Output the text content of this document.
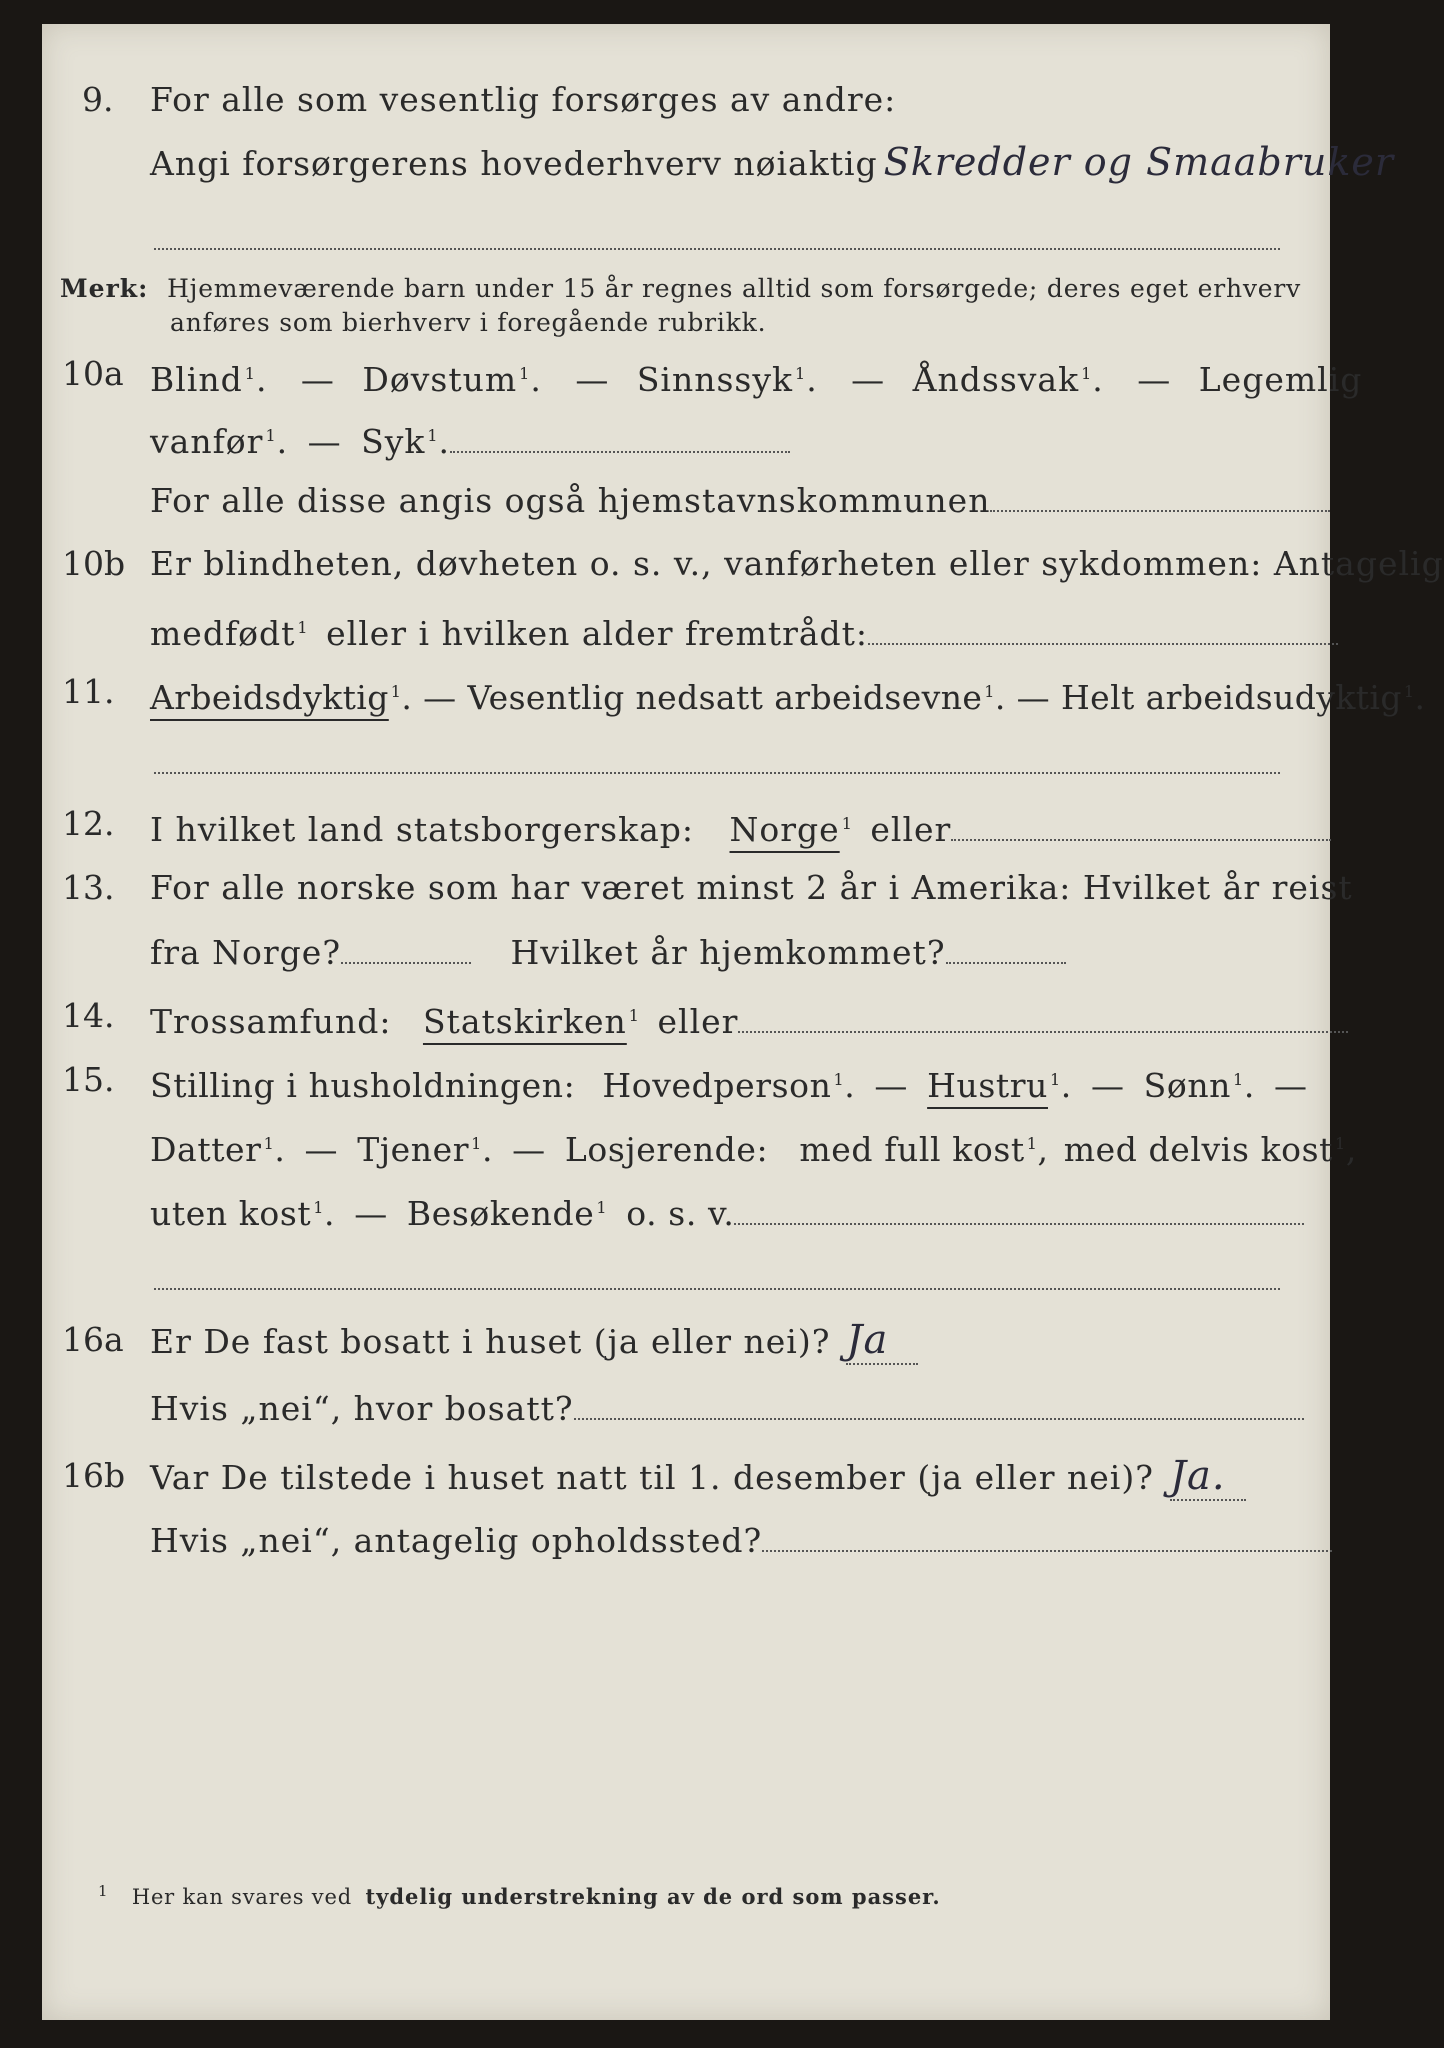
9. For alle som vesentlig forsørges av andre:
Angi forsørgerens hovederhverv nøiaktig Skredder og Smaabruker
Merk: Hjemmeværende barn under 15 år regnes alltid som forsørgede; deres eget erhverv
anføres som bierhverv i foregående rubrikk.
10a Blind $^1$. — Døvstum $^1$. — Sinnssyk $^1$. — Åndssvak $^1$. — Legemlig
vanfør $^1$. — Syk $^1$.
For alle disse angis også hjemstavnskommunen
10b Er blindheten, døvheten o. s. v., vanførheten eller sykdommen: Antagelig
medfødt $^1$ eller i hvilken alder fremtrådt:
11. Arbeidsdyktig $^1$. — Vesentlig nedsatt arbeidsevne $^1$. — Helt arbeidsudyktig $^1$.
12. I hvilket land statsborgerskap: Norge $^1$ eller
13. For alle norske som har været minst 2 år i Amerika: Hvilket år reist
fra Norge?	Hvilket år hjemkommet?
14. Trossamfund: Statskirken $^1$ eller
15. Stilling i husholdningen: Hovedperson $^1$. — Hustru $^1$. — Sønn $^1$. —
Datter $^1$. — Tjener $^1$. — Losjerende: med full kost $^1$, med delvis kost $^1$,
uten kost $^1$. — Besøkende $^1$ o. s. v.
16a Er De fast bosatt i huset (ja eller nei)? Ja
Hvis „nei“, hvor bosatt?
16b Var De tilstede i huset natt til 1. desember (ja eller nei)? Ja.
Hvis „nei“, antagelig opholdssted?
$^1$ Her kan svares ved tydelig understrekning av de ord som passer.
